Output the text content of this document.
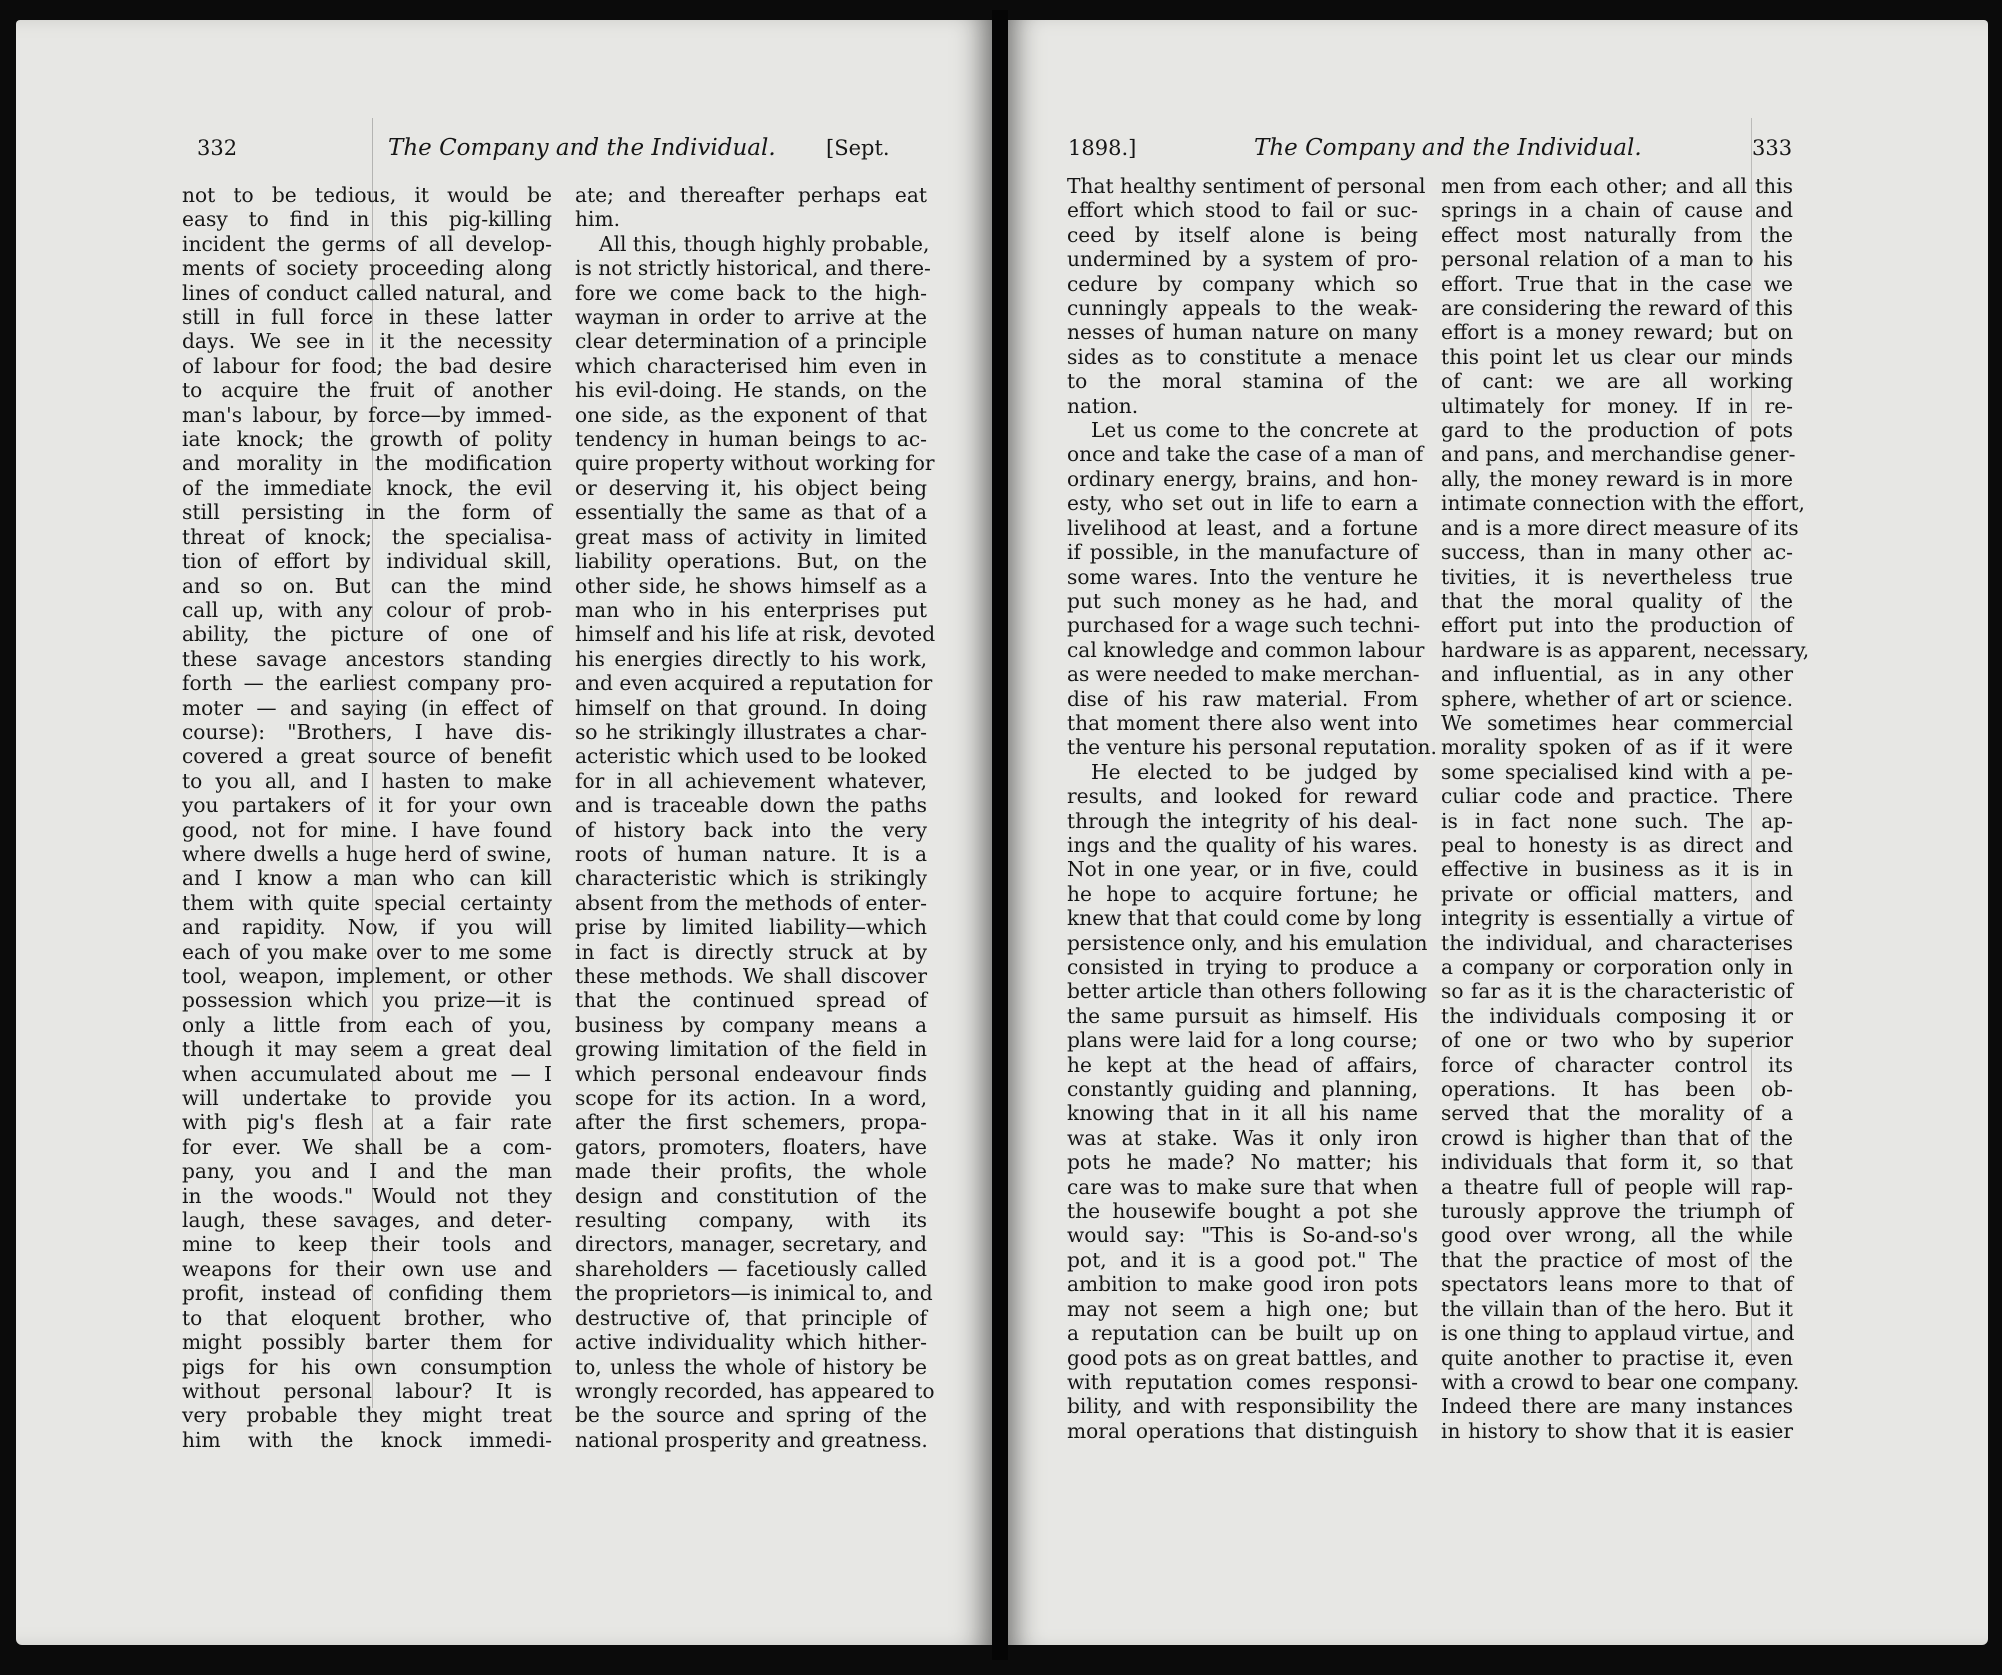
332	The Company and the Individual. [Sept.	1898.]	The Company and the Individual.	333

not to be tedious, it would be
easy to find in this pig-killing
incident the germs of all develop-
ments of society proceeding along
lines of conduct called natural, and
still in full force in these latter
days. We see in it the necessity
of labour for food; the bad desire
to acquire the fruit of another
man's labour, by force—by immed-
iate knock; the growth of polity
and morality in the modification
of the immediate knock, the evil
still persisting in the form of
threat of knock; the specialisa-
tion of effort by individual skill,
and so on. But can the mind
call up, with any colour of prob-
ability, the picture of one of
these savage ancestors standing
forth — the earliest company pro-
moter — and saying (in effect of
course): "Brothers, I have dis-
covered a great source of benefit
to you all, and I hasten to make
you partakers of it for your own
good, not for mine. I have found
where dwells a huge herd of swine,
and I know a man who can kill
them with quite special certainty
and rapidity. Now, if you will
each of you make over to me some
tool, weapon, implement, or other
possession which you prize—it is
only a little from each of you,
though it may seem a great deal
when accumulated about me — I
will undertake to provide you
with pig's flesh at a fair rate
for ever. We shall be a com-
pany, you and I and the man
in the woods." Would not they
laugh, these savages, and deter-
mine to keep their tools and
weapons for their own use and
profit, instead of confiding them
to that eloquent brother, who
might possibly barter them for
pigs for his own consumption
without personal labour? It is
very probable they might treat
him with the knock immedi-

ate; and thereafter perhaps eat
him.

All this, though highly probable,
is not strictly historical, and there-
fore we come back to the high-
wayman in order to arrive at the
clear determination of a principle
which characterised him even in
his evil-doing. He stands, on the
one side, as the exponent of that
tendency in human beings to ac-
quire property without working for
or deserving it, his object being
essentially the same as that of a
great mass of activity in limited
liability operations. But, on the
other side, he shows himself as a
man who in his enterprises put
himself and his life at risk, devoted
his energies directly to his work,
and even acquired a reputation for
himself on that ground. In doing
so he strikingly illustrates a char-
acteristic which used to be looked
for in all achievement whatever,
and is traceable down the paths
of history back into the very
roots of human nature. It is a
characteristic which is strikingly
absent from the methods of enter-
prise by limited liability—which
in fact is directly struck at by
these methods. We shall discover
that the continued spread of
business by company means a
growing limitation of the field in
which personal endeavour finds
scope for its action. In a word,
after the first schemers, propa-
gators, promoters, floaters, have
made their profits, the whole
design and constitution of the
resulting company, with its
directors, manager, secretary, and
shareholders — facetiously called
the proprietors—is inimical to, and
destructive of, that principle of
active individuality which hither-
to, unless the whole of history be
wrongly recorded, has appeared to
be the source and spring of the
national prosperity and greatness.

That healthy sentiment of personal
effort which stood to fail or suc-
ceed by itself alone is being
undermined by a system of pro-
cedure by company which so
cunningly appeals to the weak-
nesses of human nature on many
sides as to constitute a menace
to the moral stamina of the
nation.

Let us come to the concrete at
once and take the case of a man of
ordinary energy, brains, and hon-
esty, who set out in life to earn a
livelihood at least, and a fortune
if possible, in the manufacture of
some wares. Into the venture he
put such money as he had, and
purchased for a wage such techni-
cal knowledge and common labour
as were needed to make merchan-
dise of his raw material. From
that moment there also went into
the venture his personal reputation.

He elected to be judged by
results, and looked for reward
through the integrity of his deal-
ings and the quality of his wares.
Not in one year, or in five, could
he hope to acquire fortune; he
knew that that could come by long
persistence only, and his emulation
consisted in trying to produce a
better article than others following
the same pursuit as himself. His
plans were laid for a long course;
he kept at the head of affairs,
constantly guiding and planning,
knowing that in it all his name
was at stake. Was it only iron
pots he made? No matter; his
care was to make sure that when
the housewife bought a pot she
would say: "This is So-and-so's
pot, and it is a good pot." The
ambition to make good iron pots
may not seem a high one; but
a reputation can be built up on
good pots as on great battles, and
with reputation comes responsi-
bility, and with responsibility the
moral operations that distinguish

men from each other; and all this
springs in a chain of cause and
effect most naturally from the
personal relation of a man to his
effort. True that in the case we
are considering the reward of this
effort is a money reward; but on
this point let us clear our minds
of cant: we are all working
ultimately for money. If in re-
gard to the production of pots
and pans, and merchandise gener-
ally, the money reward is in more
intimate connection with the effort,
and is a more direct measure of its
success, than in many other ac-
tivities, it is nevertheless true
that the moral quality of the
effort put into the production of
hardware is as apparent, necessary,
and influential, as in any other
sphere, whether of art or science.
We sometimes hear commercial
morality spoken of as if it were
some specialised kind with a pe-
culiar code and practice. There
is in fact none such. The ap-
peal to honesty is as direct and
effective in business as it is in
private or official matters, and
integrity is essentially a virtue of
the individual, and characterises
a company or corporation only in
so far as it is the characteristic of
the individuals composing it or
of one or two who by superior
force of character control its
operations. It has been ob-
served that the morality of a
crowd is higher than that of the
individuals that form it, so that
a theatre full of people will rap-
turously approve the triumph of
good over wrong, all the while
that the practice of most of the
spectators leans more to that of
the villain than of the hero. But it
is one thing to applaud virtue, and
quite another to practise it, even
with a crowd to bear one company.
Indeed there are many instances
in history to show that it is easier
